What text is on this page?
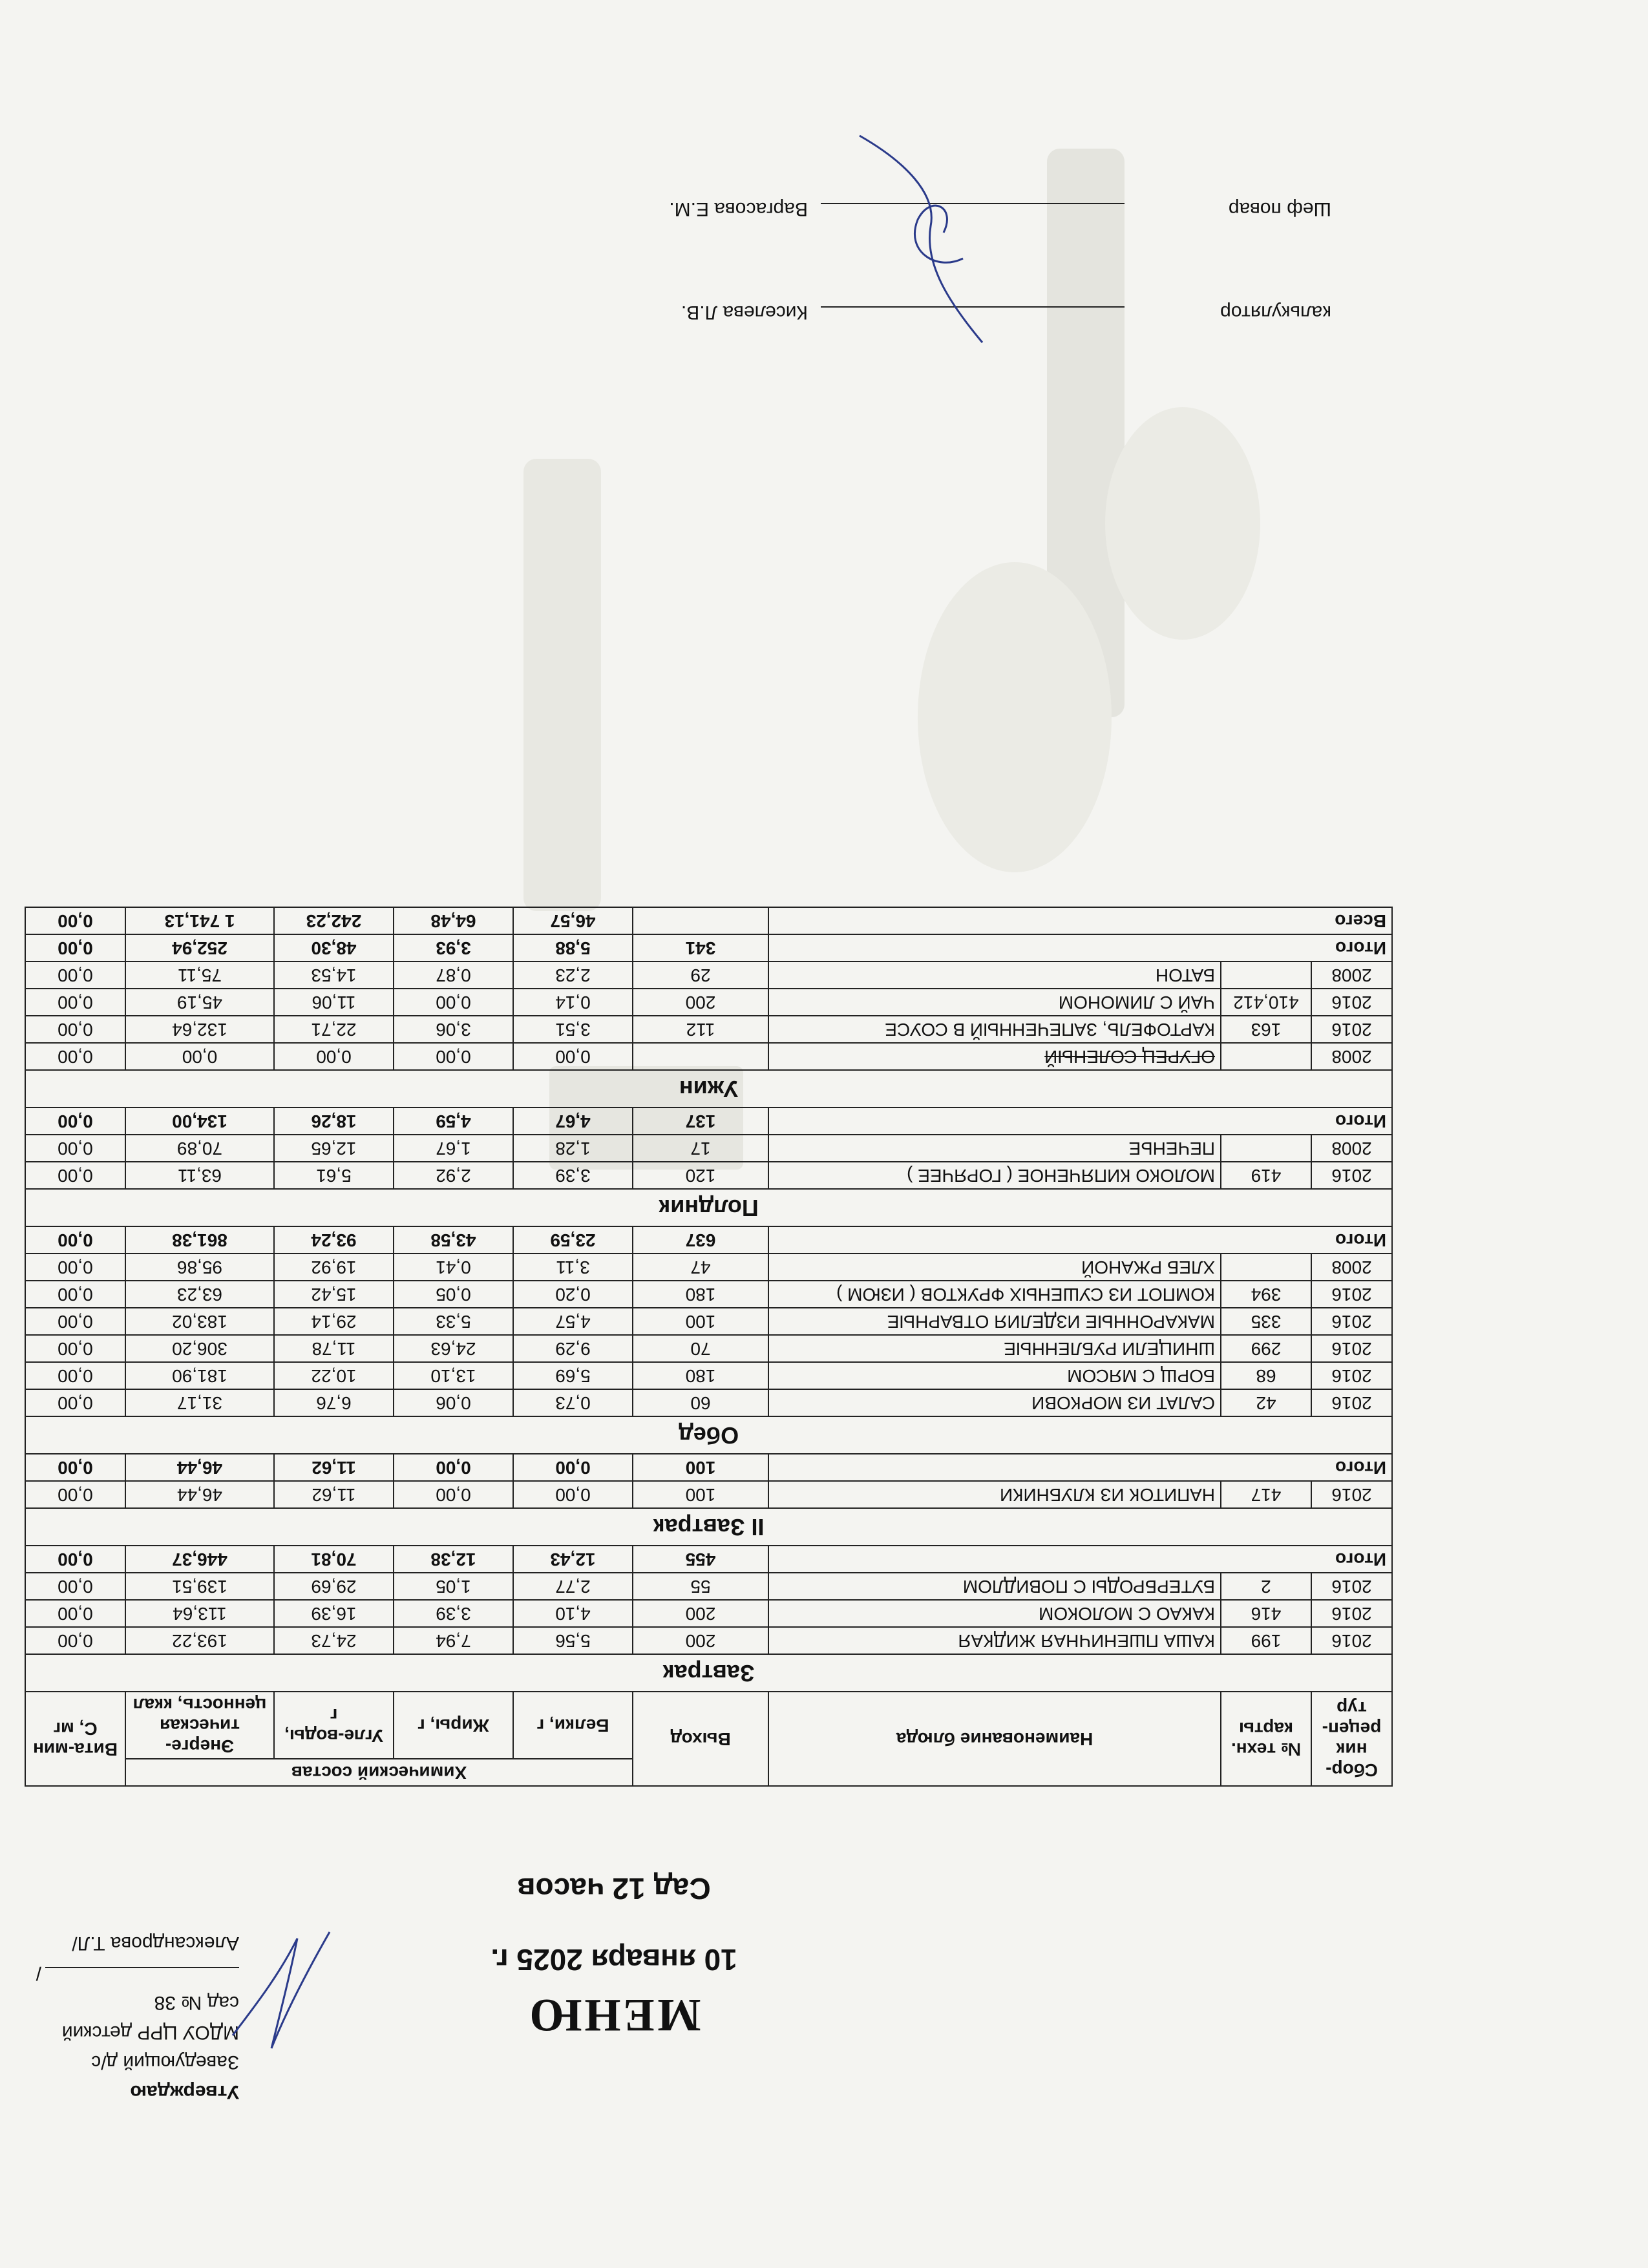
Утверждаю
Заведующий д/с
МДОУ ЦРР детский сад № 38
/Александрова Т.Л/
МЕНЮ
10 января 2025 г.
Сад 12 часов
Сбор-ник рецеп-тур	№ техн. карты	Наименование блюда	Выход	Химический состав				Вита-мин С, мг
				Белки, г	Жиры, г	Угле-воды, г	Энерге-тическая ценность, ккал	
Завтрак								
2016	199	КАША ПШЕНИЧНАЯ ЖИДКАЯ	200	5,56	7,94	24,73	193,22	0,00
2016	416	КАКАО С МОЛОКОМ	200	4,10	3,39	16,39	113,64	0,00
2016	2	БУТЕРБРОДЫ С ПОВИДЛОМ	55	2,77	1,05	29,69	139,51	0,00
Итого			455	12,43	12,38	70,81	446,37	0,00
II Завтрак								
2016	417	НАПИТОК ИЗ КЛУБНИКИ	100	0,00	0,00	11,62	46,44	0,00
Итого			100	0,00	0,00	11,62	46,44	0,00
Обед								
2016	42	САЛАТ ИЗ МОРКОВИ	60	0,73	0,06	6,76	31,17	0,00
2016	68	БОРЩ С МЯСОМ	180	5,69	13,10	10,22	181,90	0,00
2016	299	ШНИЦЕЛИ РУБЛЕННЫЕ	70	9,29	24,63	11,78	306,20	0,00
2016	335	МАКАРОННЫЕ ИЗДЕЛИЯ ОТВАРНЫЕ	100	4,57	5,33	29,14	183,02	0,00
2016	394	КОМПОТ ИЗ СУШЕНЫХ ФРУКТОВ ( ИЗЮМ )	180	0,20	0,05	15,42	63,23	0,00
2008		ХЛЕБ РЖАНОЙ	47	3,11	0,41	19,92	95,86	0,00
Итого			637	23,59	43,58	93,24	861,38	0,00
Полдник								
2016	419	МОЛОКО КИПЯЧЕНОЕ ( ГОРЯЧЕЕ )	120	3,39	2,92	5,61	63,11	0,00
2008		ПЕЧЕНЬЕ	17	1,28	1,67	12,65	70,89	0,00
Итого			137	4,67	4,59	18,26	134,00	0,00
Ужин								
2008		ОГУРЕЦ СОЛЕНЫЙ		0,00	0,00	0,00	0,00	0,00
2016	163	КАРТОФЕЛЬ, ЗАПЕЧЕННЫЙ В СОУСЕ	112	3,51	3,06	22,71	132,64	0,00
2016	410,412	ЧАЙ С ЛИМОНОМ	200	0,14	0,00	11,06	45,19	0,00
2008		БАТОН	29	2,23	0,87	14,53	75,11	0,00
Итого			341	5,88	3,93	48,30	252,94	0,00
Всего				46,57	64,48	242,23	1 741,13	0,00
калькуляторКиселева Л.В.
Шеф поварВаргасова Е.М.
